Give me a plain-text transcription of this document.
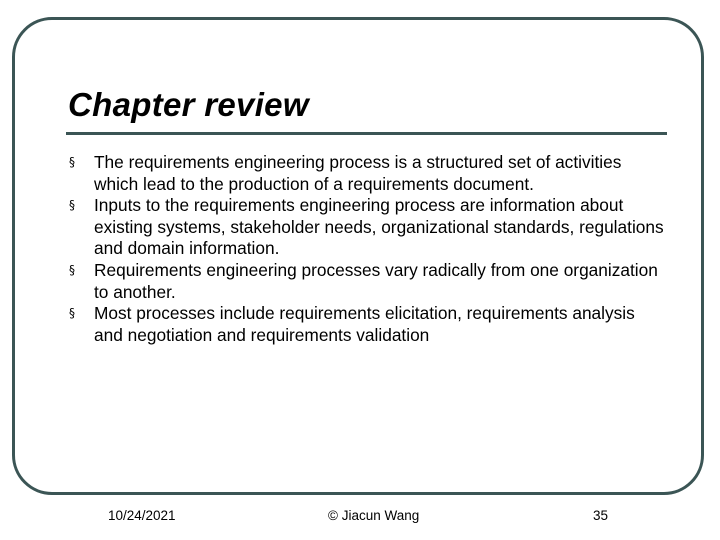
Chapter review
§ The requirements engineering process is a structured set of activities which lead to the production of a requirements document.
§ Inputs to the requirements engineering process are information about existing systems, stakeholder needs, organizational standards, regulations and domain information.
§ Requirements engineering processes vary radically from one organization to another.
§ Most processes include requirements elicitation, requirements analysis and negotiation and requirements validation
10/24/2021	© Jiacun Wang	35
